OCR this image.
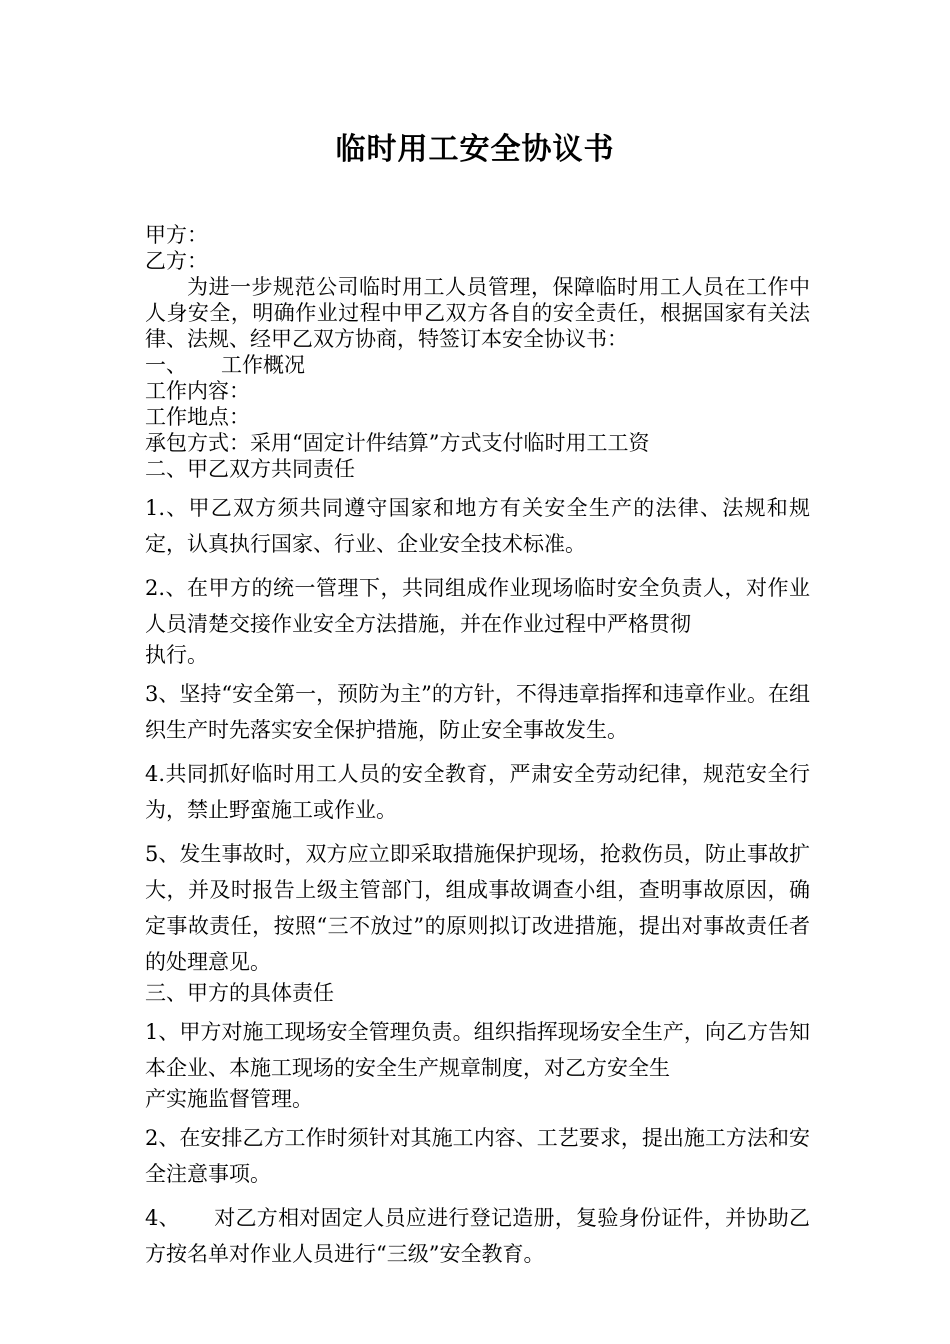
临时用工安全协议书

甲方：

乙方：

为进一步规范公司临时用工人员管理，保障临时用工人员在工作中人身安全，明确作业过程中甲乙双方各自的安全责任，根据国家有关法律、法规、经甲乙双方协商，特签订本安全协议书：

一、 工作概况

工作内容：

工作地点：

承包方式：采用“固定计件结算”方式支付临时用工工资

二、甲乙双方共同责任

1.、甲乙双方须共同遵守国家和地方有关安全生产的法律、法规和规定，认真执行国家、行业、企业安全技术标准。

2.、在甲方的统一管理下，共同组成作业现场临时安全负责人，对作业人员清楚交接作业安全方法措施，并在作业过程中严格贯彻
执行。

3、坚持“安全第一，预防为主”的方针，不得违章指挥和违章作业。在组织生产时先落实安全保护措施，防止安全事故发生。

4.共同抓好临时用工人员的安全教育，严肃安全劳动纪律，规范安全行为，禁止野蛮施工或作业。

5、发生事故时，双方应立即采取措施保护现场，抢救伤员，防止事故扩大，并及时报告上级主管部门，组成事故调查小组，查明事故原因，确定事故责任，按照“三不放过”的原则拟订改进措施，提出对事故责任者的处理意见。

三、甲方的具体责任

1、甲方对施工现场安全管理负责。组织指挥现场安全生产，向乙方告知本企业、本施工现场的安全生产规章制度，对乙方安全生
产实施监督管理。

2、在安排乙方工作时须针对其施工内容、工艺要求，提出施工方法和安全注意事项。

4、 对乙方相对固定人员应进行登记造册，复验身份证件，并协助乙方按名单对作业人员进行“三级”安全教育。
